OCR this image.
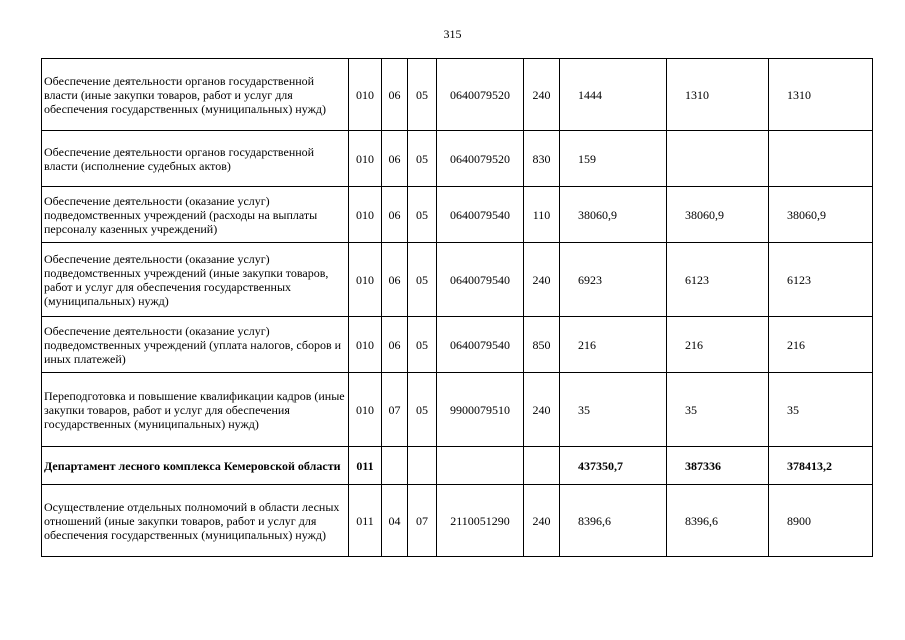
315
Обеспечение деятельности органов государственной власти (иные закупки товаров, работ и услуг для обеспечения государственных (муниципальных) нужд)	010	06	05	0640079520	240	1444	1310	1310
Обеспечение деятельности органов государственной власти (исполнение судебных актов)	010	06	05	0640079520	830	159		
Обеспечение деятельности (оказание услуг) подведомственных учреждений (расходы на выплаты персоналу казенных учреждений)	010	06	05	0640079540	110	38060,9	38060,9	38060,9
Обеспечение деятельности (оказание услуг) подведомственных учреждений (иные закупки товаров, работ и услуг для обеспечения государственных (муниципальных) нужд)	010	06	05	0640079540	240	6923	6123	6123
Обеспечение деятельности (оказание услуг) подведомственных учреждений (уплата налогов, сборов и иных платежей)	010	06	05	0640079540	850	216	216	216
Переподготовка и повышение квалификации кадров (иные закупки товаров, работ и услуг для обеспечения государственных (муниципальных) нужд)	010	07	05	9900079510	240	35	35	35
Департамент лесного комплекса Кемеровской области	011					437350,7	387336	378413,2
Осуществление отдельных полномочий в области лесных отношений (иные закупки товаров, работ и услуг для обеспечения государственных (муниципальных) нужд)	011	04	07	2110051290	240	8396,6	8396,6	8900
